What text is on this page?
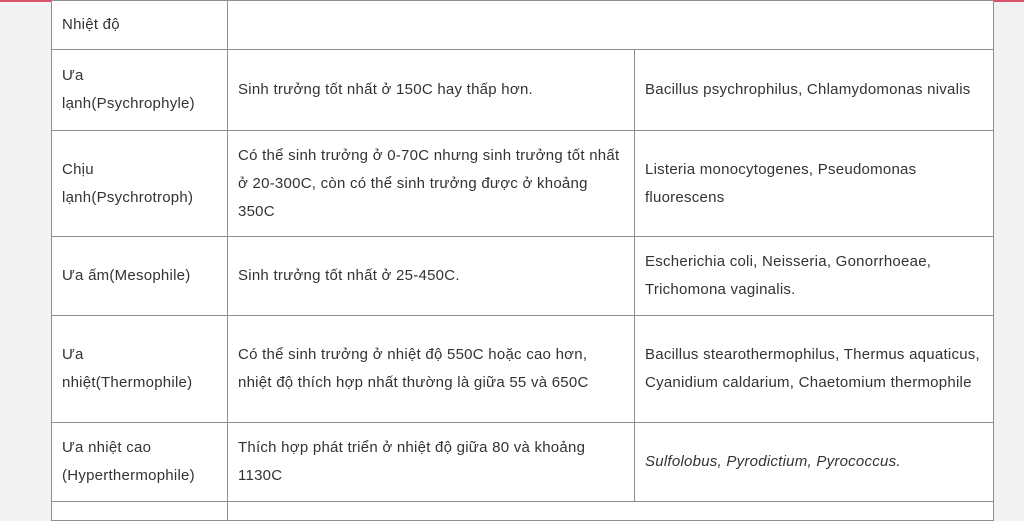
Nhiệt độ
Ưa lạnh(Psychrophyle)
Sinh trưởng tốt nhất ở 150C hay thấp hơn.	Bacillus psychrophilus, Chlamydomonas nivalis
Chịu lạnh(Psychrotroph)
Có thể sinh trưởng ở 0-70C nhưng sinh trưởng tốt nhất ở 20-300C, còn có thể sinh trưởng được ở khoảng 350C
Listeria monocytogenes, Pseudomonas fluorescens
Ưa ấm(Mesophile)	Sinh trưởng tốt nhất ở 25-450C.
Escherichia coli, Neisseria, Gonorrhoeae, Trichomona vaginalis.
Ưa nhiệt(Thermophile)
Có thể sinh trưởng ở nhiệt độ 550C hoặc cao hơn, nhiệt độ thích hợp nhất thường là giữa 55 và 650C
Bacillus stearothermophilus, Thermus aquaticus, Cyanidium caldarium, Chaetomium thermophile
Ưa nhiệt cao (Hyperthermophile)
Thích hợp phát triển ở nhiệt độ giữa 80 và khoảng 1130C
Sulfolobus, Pyrodictium, Pyrococcus.
